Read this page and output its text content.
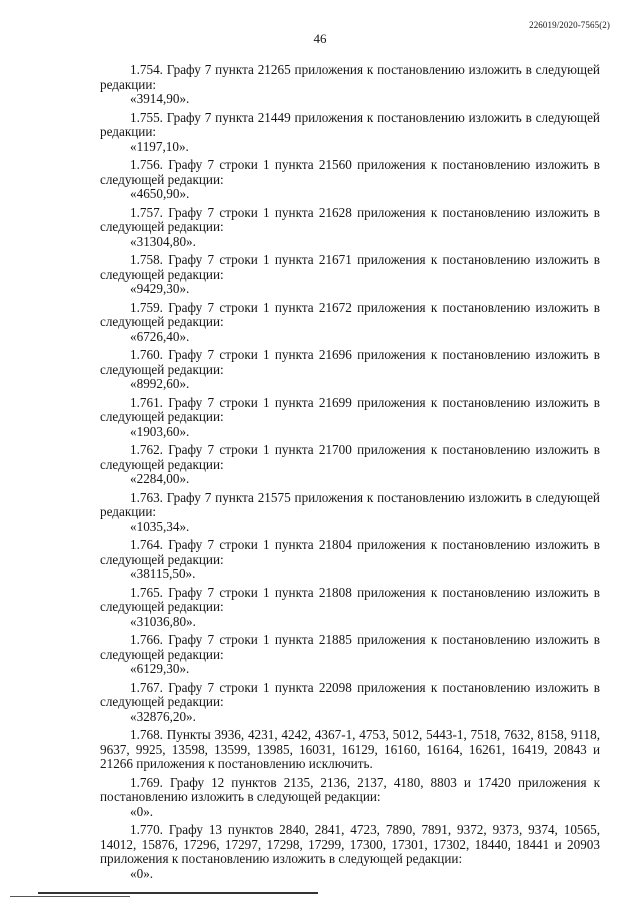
46
226019/2020-7565(2)

1.754. Графу 7 пункта 21265 приложения к постановлению изложить в следующей редакции:

«3914,90».

1.755. Графу 7 пункта 21449 приложения к постановлению изложить в следующей редакции:

«1197,10».

1.756. Графу 7 строки 1 пункта 21560 приложения к постановлению изложить в следующей редакции:

«4650,90».

1.757. Графу 7 строки 1 пункта 21628 приложения к постановлению изложить в следующей редакции:

«31304,80».

1.758. Графу 7 строки 1 пункта 21671 приложения к постановлению изложить в следующей редакции:

«9429,30».

1.759. Графу 7 строки 1 пункта 21672 приложения к постановлению изложить в следующей редакции:

«6726,40».

1.760. Графу 7 строки 1 пункта 21696 приложения к постановлению изложить в следующей редакции:

«8992,60».

1.761. Графу 7 строки 1 пункта 21699 приложения к постановлению изложить в следующей редакции:

«1903,60».

1.762. Графу 7 строки 1 пункта 21700 приложения к постановлению изложить в следующей редакции:

«2284,00».

1.763. Графу 7 пункта 21575 приложения к постановлению изложить в следующей редакции:

«1035,34».

1.764. Графу 7 строки 1 пункта 21804 приложения к постановлению изложить в следующей редакции:

«38115,50».

1.765. Графу 7 строки 1 пункта 21808 приложения к постановлению изложить в следующей редакции:

«31036,80».

1.766. Графу 7 строки 1 пункта 21885 приложения к постановлению изложить в следующей редакции:

«6129,30».

1.767. Графу 7 строки 1 пункта 22098 приложения к постановлению изложить в следующей редакции:

«32876,20».

1.768. Пункты 3936, 4231, 4242, 4367-1, 4753, 5012, 5443-1, 7518, 7632, 8158, 9118, 9637, 9925, 13598, 13599, 13985, 16031, 16129, 16160, 16164, 16261, 16419, 20843 и 21266 приложения к постановлению исключить.

1.769. Графу 12 пунктов 2135, 2136, 2137, 4180, 8803 и 17420 приложения к постановлению изложить в следующей редакции:

«0».

1.770. Графу 13 пунктов 2840, 2841, 4723, 7890, 7891, 9372, 9373, 9374, 10565, 14012, 15876, 17296, 17297, 17298, 17299, 17300, 17301, 17302, 18440, 18441 и 20903 приложения к постановлению изложить в следующей редакции:

«0».
